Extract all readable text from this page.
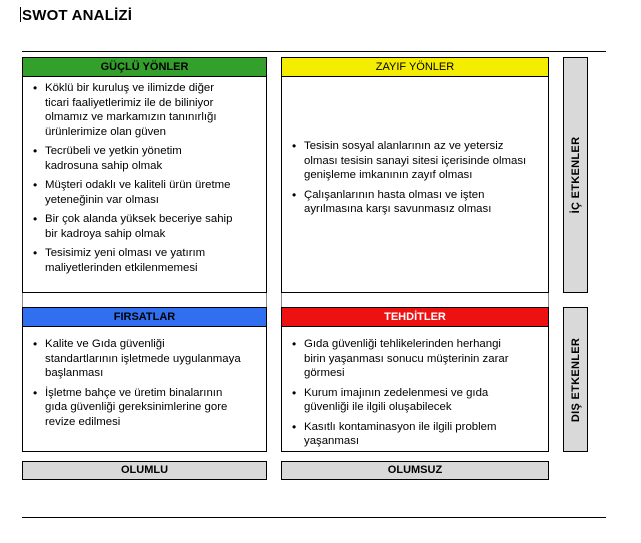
SWOT ANALİZİ
GÜÇLÜ YÖNLER
• Köklü bir kuruluş ve ilimizde diğer
ticari faaliyetlerimiz ile de biliniyor
olmamız ve markamızın tanınırlığı
ürünlerimize olan güven
• Tecrübeli ve yetkin yönetim
kadrosuna sahip olmak
• Müşteri odaklı ve kaliteli ürün üretme
yeteneğinin var olması
• Bir çok alanda yüksek beceriye sahip
bir kadroya sahip olmak
• Tesisimiz yeni olması ve yatırım
maliyetlerinden etkilenmemesi
ZAYIF YÖNLER
• Tesisin sosyal alanlarının az ve yetersiz
olması tesisin sanayi sitesi içerisinde olması
genişleme imkanının zayıf olması
• Çalışanlarının hasta olması ve işten
ayrılmasına karşı savunmasız olması	İÇ ETKENLER
FIRSATLAR
• Kalite ve Gıda güvenliği
standartlarının işletmede uygulanmaya
başlanması
• İşletme bahçe ve üretim binalarının
gıda güvenliği gereksinimlerine gore
revize edilmesi
TEHDİTLER
• Gıda güvenliği tehlikelerinden herhangi
birin yaşanması sonucu müşterinin zarar
görmesi
• Kurum imajının zedelenmesi ve gıda
güvenliği ile ilgili oluşabilecek
• Kasıtlı kontaminasyon ile ilgili problem
yaşanması
DIŞ ETKENLER
OLUMLU	OLUMSUZ
